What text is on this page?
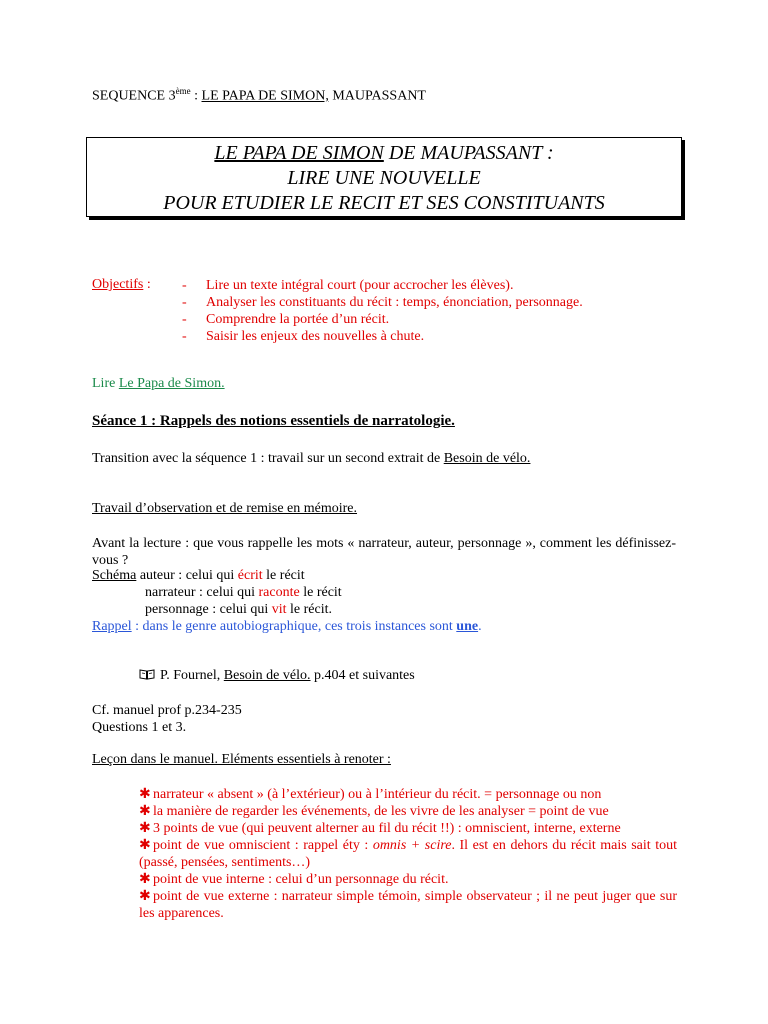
SEQUENCE 3ème : LE PAPA DE SIMON, MAUPASSANT
LE PAPA DE SIMON DE MAUPASSANT :
LIRE UNE NOUVELLE
POUR ETUDIER LE RECIT ET SES CONSTITUANTS
Objectifs : - Lire un texte intégral court (pour accrocher les élèves).
- Analyser les constituants du récit : temps, énonciation, personnage.
- Comprendre la portée d’un récit.
- Saisir les enjeux des nouvelles à chute.
Lire Le Papa de Simon.
Séance 1 : Rappels des notions essentiels de narratologie.
Transition avec la séquence 1 : travail sur un second extrait de Besoin de vélo.
Travail d’observation et de remise en mémoire.
Avant la lecture : que vous rappelle les mots « narrateur, auteur, personnage », comment les définissez-vous ?
Schéma auteur : celui qui écrit le récit
narrateur : celui qui raconte le récit
personnage : celui qui vit le récit.
Rappel : dans le genre autobiographique, ces trois instances sont une.
P. Fournel, Besoin de vélo. p.404 et suivantes
Cf. manuel prof p.234-235
Questions 1 et 3.
Leçon dans le manuel. Eléments essentiels à renoter :
✱ narrateur « absent » (à l’extérieur) ou à l’intérieur du récit. = personnage ou non
✱ la manière de regarder les événements, de les vivre de les analyser = point de vue
✱ 3 points de vue (qui peuvent alterner au fil du récit !!) : omniscient, interne, externe
✱ point de vue omniscient : rappel éty : omnis + scire. Il est en dehors du récit mais sait tout (passé, pensées, sentiments…)
✱ point de vue interne : celui d’un personnage du récit.
✱ point de vue externe : narrateur simple témoin, simple observateur ; il ne peut juger que sur les apparences.
